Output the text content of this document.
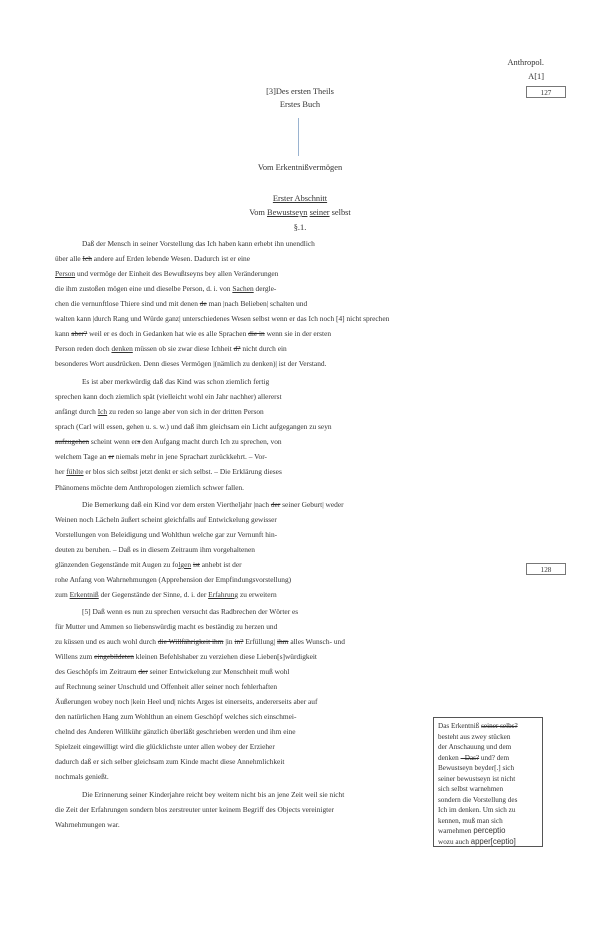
Anthropol.
A[1]
127
128
[3]Des ersten Theils
Erstes Buch
Vom Erkentnißvermögen
Erster Abschnitt
Vom Bewustseyn seiner selbst
§.1.
Daß der Mensch in seiner Vorstellung das Ich haben kann erhebt ihn unendlich
über alle Ich andere auf Erden lebende Wesen. Dadurch ist er eine
Person und vermöge der Einheit des Bewußtseyns bey allen Veränderungen
die ihm zustoßen mögen eine und dieselbe Person, d. i. von Sachen dergle-
chen die vernunftlose Thiere sind und mit denen de man |nach Belieben| schalten und
walten kann |durch Rang und Würde ganz| unterschiedenes Wesen selbst wenn er das Ich noch [4] nicht sprechen
kann aber? weil er es doch in Gedanken hat wie es alle Sprachen die in wenn sie in der ersten
Person reden doch denken müssen ob sie zwar diese Ichheit d? nicht durch ein
besonderes Wort ausdrücken. Denn dieses Vermögen |(nämlich zu denken)| ist der Verstand.
Es ist aber merkwürdig daß das Kind was schon ziemlich fertig
sprechen kann doch ziemlich spät (vielleicht wohl ein Jahr nachher) allererst
anfängt durch Ich zu reden so lange aber von sich in der dritten Person
sprach (Carl will essen, gehen u. s. w.) und daß ihm gleichsam ein Licht aufgegangen zu seyn
aufzugehen scheint wenn ers den Aufgang macht durch Ich zu sprechen, von
welchem Tage an er niemals mehr in jene Sprachart zurückkehrt. – Vor-
her fühlte er blos sich selbst jetzt denkt er sich selbst. – Die Erklärung dieses
Phänomens möchte dem Anthropologen ziemlich schwer fallen.
Die Bemerkung daß ein Kind vor dem ersten Viertheljahr |nach der seiner Geburt| weder
Weinen noch Lächeln äußert scheint gleichfalls auf Entwickelung gewisser
Vorstellungen von Beleidigung und Wohlthun welche gar zur Vernunft hin-
deuten zu beruhen. – Daß es in diesem Zeitraum ihm vorgehaltenen
glänzenden Gegenstände mit Augen zu folgen ist anhebt ist der
rohe Anfang von Wahrnehmungen (Apprehension der Empfindungsvorstellung)
zum Erkentniß der Gegenstände der Sinne, d. i. der Erfahrung zu erweitern
[5] Daß wenn es nun zu sprechen versucht das Radbrechen der Wörter es
für Mutter und Ammen so liebenswürdig macht es beständig zu herzen und
zu küssen und es auch wohl durch die Willfährigkeit ihm |in in? Erfüllung| ihm alles Wunsch- und
Willens zum eingebildeten kleinen Befehlshaber zu verziehen diese Lieben[s]würdigkeit
des Geschöpfs im Zeitraum der seiner Entwickelung zur Menschheit muß wohl
auf Rechnung seiner Unschuld und Offenheit aller seiner noch fehlerhaften
Äußerungen wobey noch |kein Heel und| nichts Arges ist einerseits, andererseits aber auf
den natürlichen Hang zum Wohlthun an einem Geschöpf welches sich einschmei-
chelnd des Anderen Willkühr gänzlich überläßt geschrieben werden und ihm eine
Spielzeit eingewilligt wird die glücklichste unter allen wobey der Erzieher
dadurch daß er sich selber gleichsam zum Kinde macht diese Annehmlichkeit
nochmals genießt.
Die Erinnerung seiner Kinderjahre reicht bey weitem nicht bis an jene Zeit weil sie nicht
die Zeit der Erfahrungen sondern blos zerstreuter unter keinem Begriff des Objects vereinigter
Wahrnehmungen war.
Das Erkentniß seiner selbs?
besteht aus zwey stücken
der Anschauung und dem
denken - Das? und? dem
Bewustseyn beyder[.] sich
seiner bewustseyn ist nicht
sich selbst warnehmen
sondern die Vorstellung des
Ich im denken. Um sich zu
kennen, muß man sich
warnehmen perceptio
wozu auch apper[ceptio]
